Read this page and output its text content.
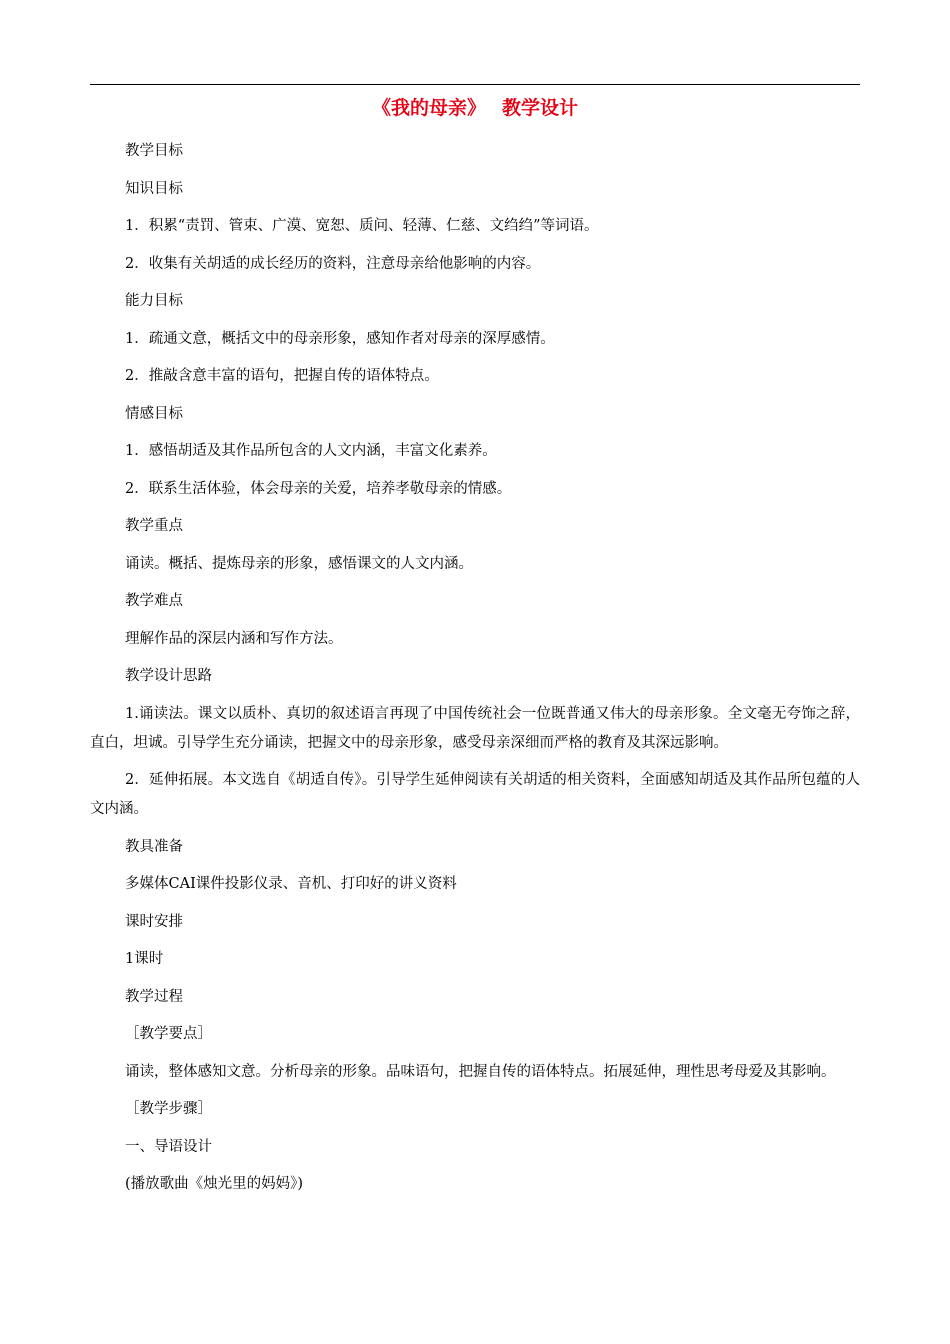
《我的母亲》　 教学设计

教学目标

知识目标

1．积累“责罚、管束、广漠、宽恕、质问、轻薄、仁慈、文绉绉”等词语。

2．收集有关胡适的成长经历的资料，注意母亲给他影响的内容。

能力目标

1．疏通文意，概括文中的母亲形象，感知作者对母亲的深厚感情。

2．推敲含意丰富的语句，把握自传的语体特点。

情感目标

1．感悟胡适及其作品所包含的人文内涵，丰富文化素养。

2．联系生活体验，体会母亲的关爱，培养孝敬母亲的情感。

教学重点

诵读。概括、提炼母亲的形象，感悟课文的人文内涵。

教学难点

理解作品的深层内涵和写作方法。

教学设计思路

1.诵读法。课文以质朴、真切的叙述语言再现了中国传统社会一位既普通又伟大的母亲形象。全文毫无夸饰之辞，直白，坦诚。引导学生充分诵读，把握文中的母亲形象，感受母亲深细而严格的教育及其深远影响。

2．延伸拓展。本文选自《胡适自传》。引导学生延伸阅读有关胡适的相关资料，全面感知胡适及其作品所包蕴的人文内涵。

教具准备

多媒体CAI课件投影仪录、音机、打印好的讲义资料

课时安排

1课时

教学过程

［教学要点］

诵读，整体感知文意。分析母亲的形象。品味语句，把握自传的语体特点。拓展延伸，理性思考母爱及其影响。

［教学步骤］

一、导语设计

(播放歌曲《烛光里的妈妈》)
